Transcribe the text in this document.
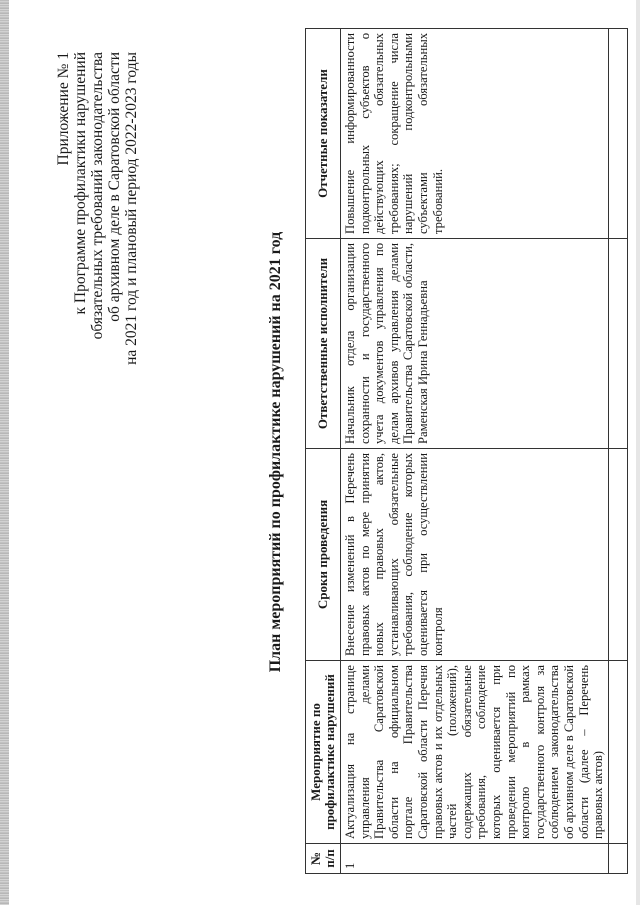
Приложение № 1 к Программе профилактики нарушений обязательных требований законодательства об архивном деле в Саратовской области на 2021 год и плановый период 2022-2023 годы
План мероприятий по профилактике нарушений на 2021 год
№ п/п	Мероприятие по профилактике нарушений	Сроки проведения	Ответственные исполнители	Отчетные показатели
1	Актуализация на странице управления делами Правительства Саратовской области на официальном портале Правительства Саратовской области Перечня правовых актов и их отдельных частей (положений), содержащих обязательные требования, соблюдение которых оценивается при проведении мероприятий по контролю в рамках государственного контроля за соблюдением законодательства об архивном деле в Саратовской области (далее – Перечень правовых актов)	Внесение изменений в Перечень правовых актов по мере принятия новых правовых актов, устанавливающих обязательные требования, соблюдение которых оценивается при осуществлении контроля	Начальник отдела организации сохранности и государственного учета документов управления по делам архивов управления делами Правительства Саратовской области, Раменская Ирина Геннадьевна	Повышение информированности подконтрольных субъектов о действующих обязательных требованиях; сокращение числа нарушений подконтрольными субъектами обязательных требований.
